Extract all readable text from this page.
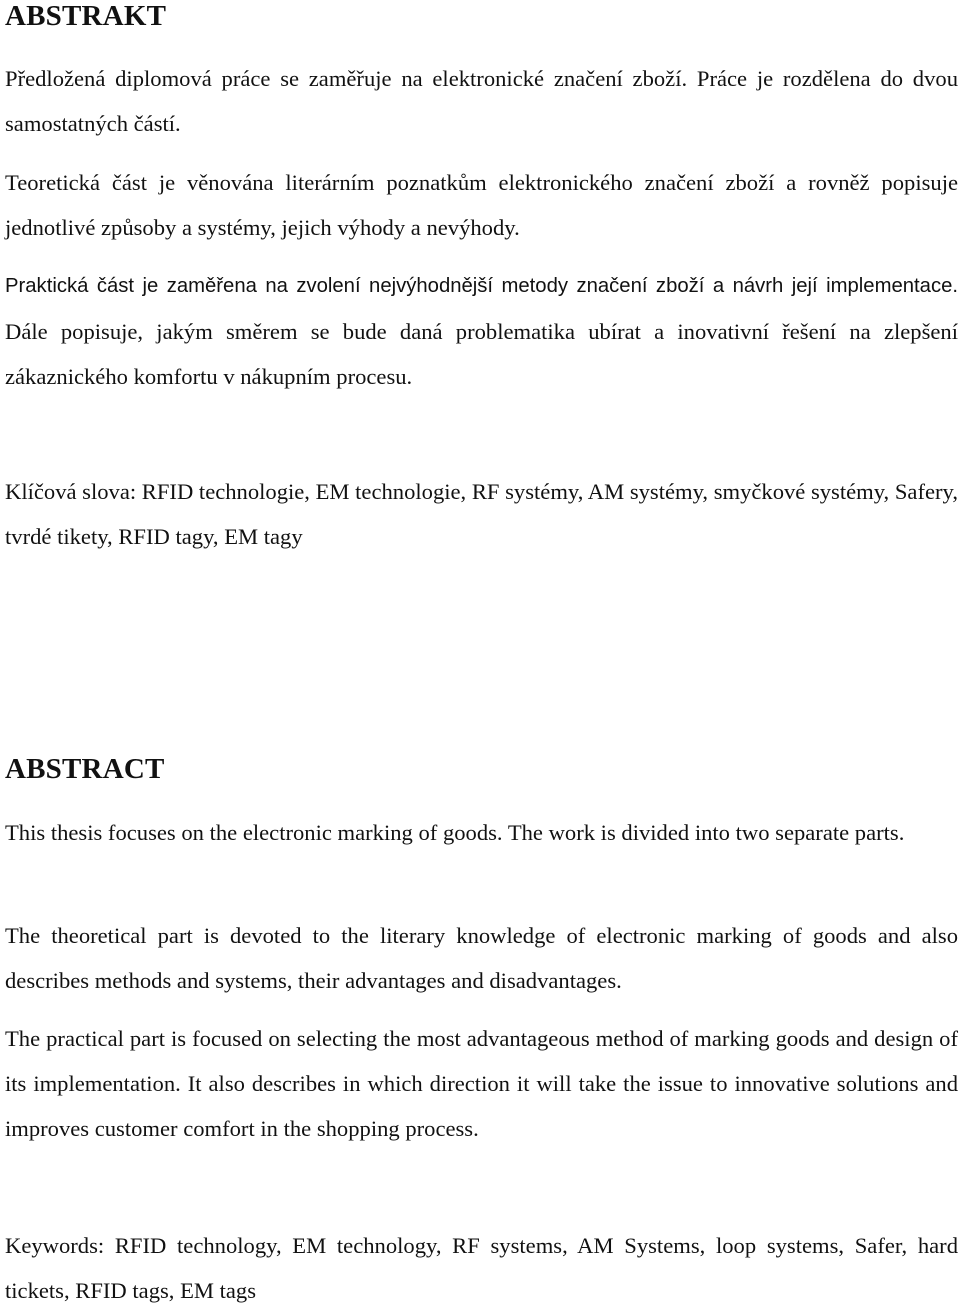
ABSTRAKT

Předložená diplomová práce se zaměřuje na elektronické značení zboží. Práce je rozdělena do dvou samostatných částí.

Teoretická část je věnována literárním poznatkům elektronického značení zboží a rovněž popisuje jednotlivé způsoby a systémy, jejich výhody a nevýhody.

Praktická část je zaměřena na zvolení nejvýhodnější metody značení zboží a návrh její implementace. Dále popisuje, jakým směrem se bude daná problematika ubírat a inovativní řešení na zlepšení zákaznického komfortu v nákupním procesu.

Klíčová slova: RFID technologie, EM technologie, RF systémy, AM systémy, smyčkové systémy, Safery, tvrdé tikety, RFID tagy, EM tagy

ABSTRACT

This thesis focuses on the electronic marking of goods. The work is divided into two separate parts.

The theoretical part is devoted to the literary knowledge of electronic marking of goods and also describes methods and systems, their advantages and disadvantages.

The practical part is focused on selecting the most advantageous method of marking goods and design of its implementation. It also describes in which direction it will take the issue to innovative solutions and improves customer comfort in the shopping process.

Keywords: RFID technology, EM technology, RF systems, AM Systems, loop systems, Safer, hard tickets, RFID tags, EM tags
